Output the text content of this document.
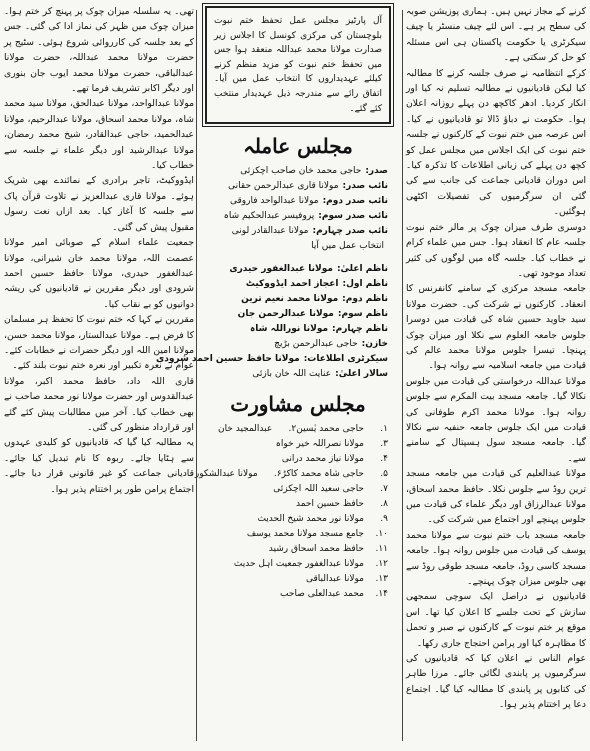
کرنے کے مجاز نہیں ہیں۔ ہماری پوزیشن صوبہ کی سطح پر ہے۔ اس لئے چیف منسٹر یا چیف سیکرٹری یا حکومت پاکستان ہی اس مسئلہ کو حل کر سکتی ہے۔

کرکے انتظامیہ نے صرف جلسہ کرنے کا مطالبہ کیا لیکن قادیانیوں نے مطالبہ تسلیم نہ کیا اور انکار کردیا۔ ادھر کاکچھ دن پہلے روزانہ اعلان ہوا۔ حکومت نے دباؤ ڈالا تو قادیانیوں نے کیا۔ اس عرصہ میں ختم نبوت کے کارکنوں نے جلسہ ختم نبوت کی ایک اجلاس میں مجلس عمل کو کچھ دن پہلے کی زبانی اطلاعات کا تذکرہ کیا۔ اس دوران قادیانی جماعت کی جانب سے کی گئی ان سرگرمیوں کی تفصیلات اکٹھی ہوگئیں۔

دوسری طرف میزان چوک پر مالر ختم نبوت جلسہ عام کا انعقاد ہوا۔ جس میں علماء کرام نے خطاب کیا۔ جلسہ گاہ میں لوگوں کی کثیر تعداد موجود تھی۔

جامعہ مسجد مرکزی کے سامنے کانفرنس کا انعقاد۔ کارکنوں نے شرکت کی۔ حضرت مولانا سید جاوید حسین شاہ کی قیادت میں دوسرا جلوس جامعہ العلوم سے نکلا اور میزان چوک پہنچا۔ تیسرا جلوس مولانا محمد عالم کی قیادت میں جامعہ اسلامیہ سے روانہ ہوا۔

مولانا عبداللہ درخواستی کی قیادت میں جلوس نکالا گیا۔ جامعہ مسجد بیت المکرم سے جلوس روانہ ہوا۔ مولانا محمد اکرم طوفانی کی قیادت میں ایک جلوس جامعہ حنفیہ سے نکالا گیا۔ جامعہ مسجد سول ہسپتال کے سامنے سے۔

مولانا عبدالعلیم کی قیادت میں جامعہ مسجد ترین روڈ سے جلوس نکلا۔ حافظ محمد اسحاق، مولانا عبدالرزاق اور دیگر علماء کی قیادت میں جلوس پہنچے اور اجتماع میں شرکت کی۔

جامعہ مسجد باب ختم نبوت سے مولانا محمد یوسف کی قیادت میں جلوس روانہ ہوا۔ جامعہ مسجد کاسی روڈ، جامعہ مسجد طوقی روڈ سے بھی جلوس میزان چوک پہنچے۔

قادیانیوں نے دراصل ایک سوچی سمجھی سازش کے تحت جلسے کا اعلان کیا تھا۔ اس موقع پر ختم نبوت کے کارکنوں نے صبر و تحمل کا مظاہرہ کیا اور پرامن احتجاج جاری رکھا۔

عوام الناس نے اعلان کیا کہ قادیانیوں کی سرگرمیوں پر پابندی لگائی جائے۔ مرزا طاہر کی کتابوں پر پابندی کا مطالبہ کیا گیا۔ اجتماع دعا پر اختتام پذیر ہوا۔

آل پارٹیز مجلس عمل تحفظ ختم نبوت بلوچستان کی مرکزی کونسل کا اجلاس زیر صدارت مولانا محمد عبداللہ منعقد ہوا جس میں تحفظ ختم نبوت کو مزید منظم کرنے کیلئے عہدیداروں کا انتخاب عمل میں آیا۔ اتفاق رائے سے مندرجہ ذیل عہدیدار منتخب کئے گئے۔
مجلس عاملہ
صدر:
حاجی محمد خان صاحب اچکزئی
نائب صدر:
مولانا قاری عبدالرحمن حقانی
نائب صدر دوم:
مولانا عبدالواحد فاروقی
نائب صدر سوم:
پروفیسر عبدالحکیم شاہ
نائب صدر چہارم:
مولانا عبدالقادر لونی
انتخاب عمل میں آیا
ناظم اعلیٰ:
مولانا عبدالغفور حیدری
ناظم اول:
اعجاز احمد ایڈووکیٹ
ناظم دوم:
مولانا محمد نعیم ترین
ناظم سوم:
مولانا عبدالرحمن جان
ناظم چہارم:
مولانا نوراللہ شاہ
خازن:
حاجی عبدالرحمن بڑیچ
سیکرٹری اطلاعات:
مولانا حافظ حسین احمد شرودی
سالار اعلیٰ:
عنایت اللہ خان بازئی
مجلس مشاورت
۱.
حاجی محمد یٰسین
۲.
عبدالمجید خان
۳.
مولانا نصراللہ خیر خواہ
۴.
مولانا نیاز محمد درانی
۵.
حاجی شاہ محمد کاکڑ
۶.
مولانا عبدالشکور
۷.
حاجی سعید اللہ اچکزئی
۸.
حافظ حسین احمد
۹.
مولانا نور محمد شیخ الحدیث
۱۰.
جامع مسجد مولانا محمد یوسف
۱۱.
حافظ محمد اسحاق رشید
۱۲.
مولانا عبدالغفور جمعیت اہل حدیث
۱۳.
مولانا عبدالباقی
۱۴.
محمد عبدالعلی صاحب

تھی۔ یہ سلسلہ میزان چوک پر پہنچ کر ختم ہوا۔ میزان چوک میں ظہر کی نماز ادا کی گئی۔ جس کے بعد جلسہ کی کارروائی شروع ہوئی۔ سٹیج پر حضرت مولانا محمد عبداللہ، حضرت مولانا عبدالباقی، حضرت مولانا محمد ایوب جان بنوری اور دیگر اکابر تشریف فرما تھے۔

مولانا عبدالواحد، مولانا عبدالحق، مولانا سید محمد شاہ، مولانا محمد اسحاق، مولانا عبدالرحیم، مولانا عبدالحمید، حاجی عبدالقادر، شیخ محمد رمضان، مولانا عبدالرشید اور دیگر علماء نے جلسہ سے خطاب کیا۔

ایڈووکیٹ، تاجر برادری کے نمائندے بھی شریک ہوئے۔ مولانا قاری عبدالعزیز نے تلاوت قرآن پاک سے جلسہ کا آغاز کیا۔ بعد ازاں نعت رسول مقبول پیش کی گئی۔

جمعیت علماء اسلام کے صوبائی امیر مولانا عصمت اللہ، مولانا محمد خان شیرانی، مولانا عبدالغفور حیدری، مولانا حافظ حسین احمد شرودی اور دیگر مقررین نے قادیانیوں کی ریشہ دوانیوں کو بے نقاب کیا۔

مقررین نے کہا کہ ختم نبوت کا تحفظ ہر مسلمان کا فرض ہے۔ مولانا عبدالستار، مولانا محمد حسن، مولانا امین اللہ اور دیگر حضرات نے خطابات کئے۔ عوام نے نعرہ تکبیر اور نعرہ ختم نبوت بلند کئے۔

قاری اللہ داد، حافظ محمد اکبر، مولانا عبدالقدوس اور حضرت مولانا نور محمد صاحب نے بھی خطاب کیا۔ آخر میں مطالبات پیش کئے گئے اور قرارداد منظور کی گئی۔

یہ مطالبہ کیا گیا کہ قادیانیوں کو کلیدی عہدوں سے ہٹایا جائے۔ ربوہ کا نام تبدیل کیا جائے۔ قادیانی جماعت کو غیر قانونی قرار دیا جائے۔ اجتماع پرامن طور پر اختتام پذیر ہوا۔
